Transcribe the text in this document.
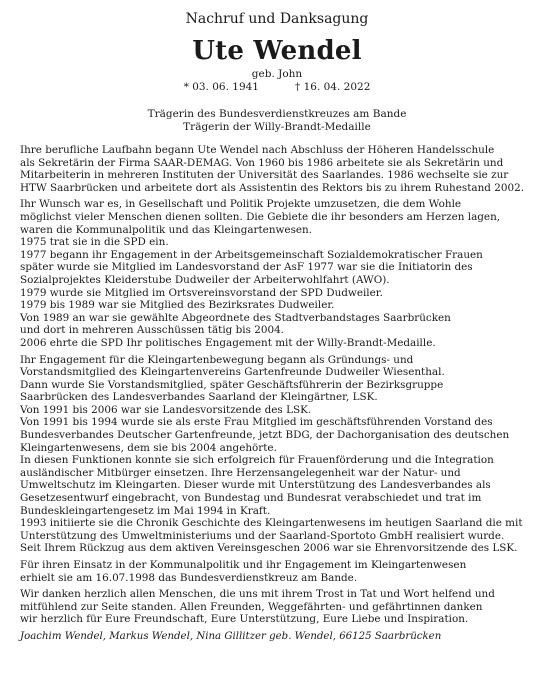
Nachruf und Danksagung
Ute Wendel
geb. John
* 03. 06. 1941	† 16. 04. 2022
Trägerin des Bundesverdienstkreuzes am Bande
Trägerin der Willy-Brandt-Medaille
Ihre berufliche Laufbahn begann Ute Wendel nach Abschluss der Höheren Handelsschule
als Sekretärin der Firma SAAR-DEMAG. Von 1960 bis 1986 arbeitete sie als Sekretärin und
Mitarbeiterin in mehreren Instituten der Universität des Saarlandes. 1986 wechselte sie zur
HTW Saarbrücken und arbeitete dort als Assistentin des Rektors bis zu ihrem Ruhestand 2002.
Ihr Wunsch war es, in Gesellschaft und Politik Projekte umzusetzen, die dem Wohle
möglichst vieler Menschen dienen sollten. Die Gebiete die ihr besonders am Herzen lagen,
waren die Kommunalpolitik und das Kleingartenwesen.
1975 trat sie in die SPD ein.
1977 begann ihr Engagement in der Arbeitsgemeinschaft Sozialdemokratischer Frauen
später wurde sie Mitglied im Landesvorstand der AsF 1977 war sie die Initiatorin des
Sozialprojektes Kleiderstube Dudweiler der Arbeiterwohlfahrt (AWO).
1979 wurde sie Mitglied im Ortsvereinsvorstand der SPD Dudweiler.
1979 bis 1989 war sie Mitglied des Bezirksrates Dudweiler.
Von 1989 an war sie gewählte Abgeordnete des Stadtverbandstages Saarbrücken
und dort in mehreren Ausschüssen tätig bis 2004.
2006 ehrte die SPD Ihr politisches Engagement mit der Willy-Brandt-Medaille.
Ihr Engagement für die Kleingartenbewegung begann als Gründungs- und
Vorstandsmitglied des Kleingartenvereins Gartenfreunde Dudweiler Wiesenthal.
Dann wurde Sie Vorstandsmitglied, später Geschäftsführerin der Bezirksgruppe
Saarbrücken des Landesverbandes Saarland der Kleingärtner, LSK.
Von 1991 bis 2006 war sie Landesvorsitzende des LSK.
Von 1991 bis 1994 wurde sie als erste Frau Mitglied im geschäftsführenden Vorstand des
Bundesverbandes Deutscher Gartenfreunde, jetzt BDG, der Dachorganisation des deutschen
Kleingartenwesens, dem sie bis 2004 angehörte.
In diesen Funktionen konnte sie sich erfolgreich für Frauenförderung und die Integration
ausländischer Mitbürger einsetzen. Ihre Herzensangelegenheit war der Natur- und
Umweltschutz im Kleingarten. Dieser wurde mit Unterstützung des Landesverbandes als
Gesetzesentwurf eingebracht, von Bundestag und Bundesrat verabschiedet und trat im
Bundeskleingartengesetz im Mai 1994 in Kraft.
1993 initiierte sie die Chronik Geschichte des Kleingartenwesens im heutigen Saarland die mit
Unterstützung des Umweltministeriums und der Saarland-Sportoto GmbH realisiert wurde.
Seit Ihrem Rückzug aus dem aktiven Vereinsgeschen 2006 war sie Ehrenvorsitzende des LSK.
Für ihren Einsatz in der Kommunalpolitik und ihr Engagement im Kleingartenwesen
erhielt sie am 16.07.1998 das Bundesverdienstkreuz am Bande.
Wir danken herzlich allen Menschen, die uns mit ihrem Trost in Tat und Wort helfend und
mitfühlend zur Seite standen. Allen Freunden, Weggefährten- und gefährtinnen danken
wir herzlich für Eure Freundschaft, Eure Unterstützung, Eure Liebe und Inspiration.
Joachim Wendel, Markus Wendel, Nina Gillitzer geb. Wendel, 66125 Saarbrücken
